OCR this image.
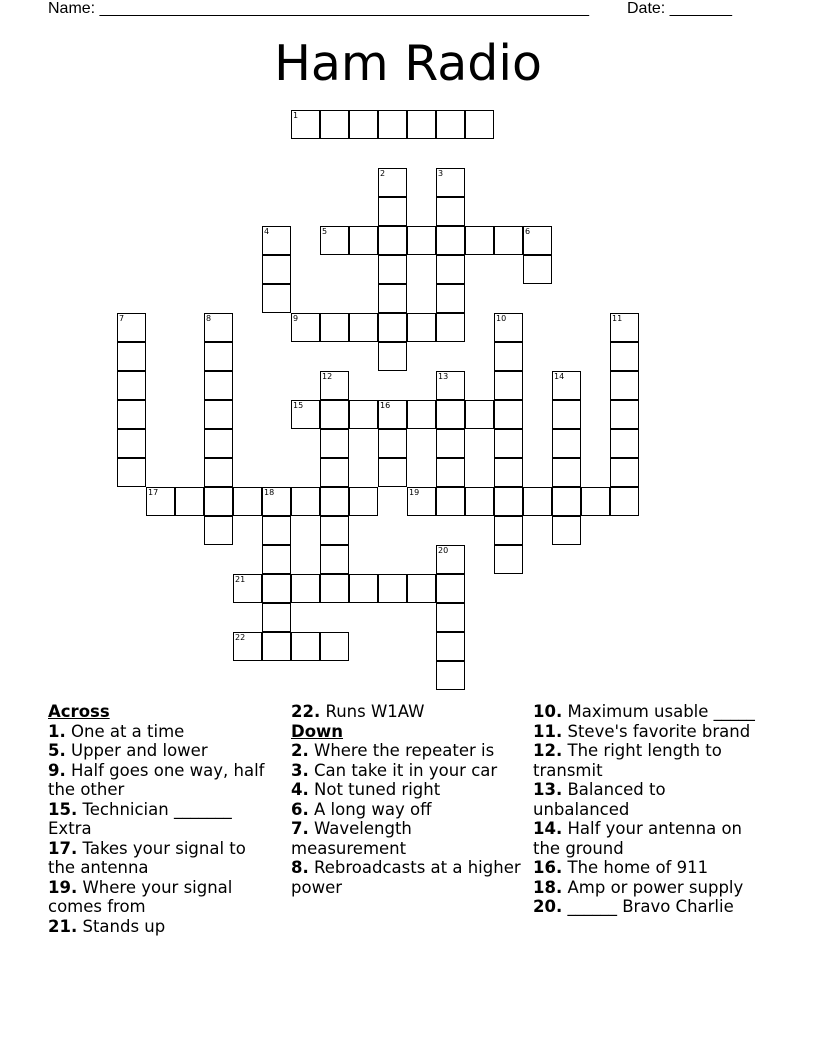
Name: _______________________________________________________ Date: _______
Ham Radio
1
2	3
4	5	6
7	8	9	10	11
12	13	14
15	16
17	18	19
20
21
22
Across
1. One at a time
5. Upper and lower
9. Half goes one way, half the other
15. Technician _______ Extra
17. Takes your signal to the antenna
19. Where your signal comes from
21. Stands up
22. Runs W1AW
Down
2. Where the repeater is
3. Can take it in your car
4. Not tuned right
6. A long way off
7. Wavelength measurement
8. Rebroadcasts at a higher power
10. Maximum usable _____
11. Steve's favorite brand
12. The right length to transmit
13. Balanced to unbalanced
14. Half your antenna on the ground
16. The home of 911
18. Amp or power supply
20. ______ Bravo Charlie
